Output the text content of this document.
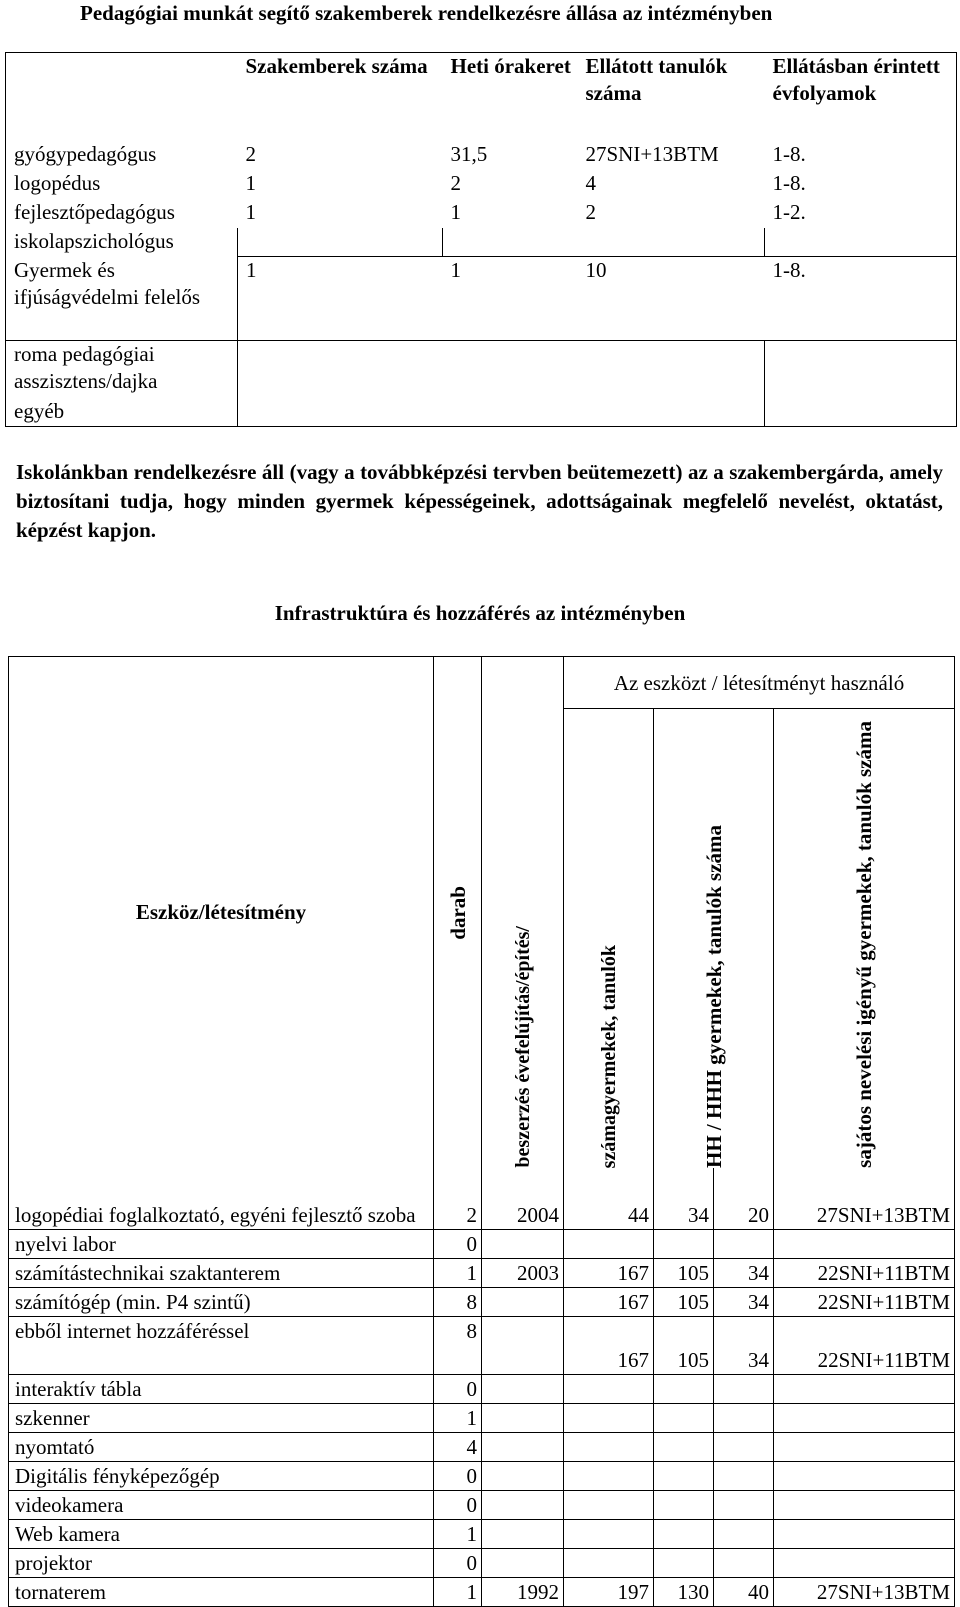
Pedagógiai munkát segítő szakemberek rendelkezésre állása az intézményben
	Szakemberek száma	Heti órakeret	Ellátott tanulók száma	Ellátásban érintett évfolyamok
gyógypedagógus	2	31,5	27SNI+13BTM	1-8.
logopédus	1	2	4	1-8.
fejlesztőpedagógus	1	1	2	1-2.
iskolapszichológus				
Gyermek és ifjúságvédelmi felelős	1	1	10	1-8.
roma pedagógiai asszisztens/dajka				
egyéb				
Iskolánkban rendelkezésre áll (vagy a továbbképzési tervben beütemezett) az a szakembergárda, amely biztosítani tudja, hogy minden gyermek képességeinek, adottságainak megfelelő nevelést, oktatást, képzést kapjon.
Infrastruktúra és hozzáférés az intézményben
Eszköz/létesítmény	darab	beszerzés évefelújítás/építés/	Az eszközt / létesítményt használó			

			számagyermekek, tanulók	HH / HHH gyermekek, tanulók száma		sajátos nevelési igényű gyermekek, tanulók száma

logopédiai foglalkoztató, egyéni fejlesztő szoba	2	2004	44	34	20	27SNI+13BTM
nyelvi labor	0					
számítástechnikai szaktanterem	1	2003	167	105	34	22SNI+11BTM
számítógép (min. P4 szintű)	8		167	105	34	22SNI+11BTM
ebből internet hozzáféréssel	8		167	105	34	22SNI+11BTM
interaktív tábla	0					
szkenner	1					
nyomtató	4					
Digitális fényképezőgép	0					
videokamera	0					
Web kamera	1					
projektor	0					
tornaterem	1	1992	197	130	40	27SNI+13BTM
